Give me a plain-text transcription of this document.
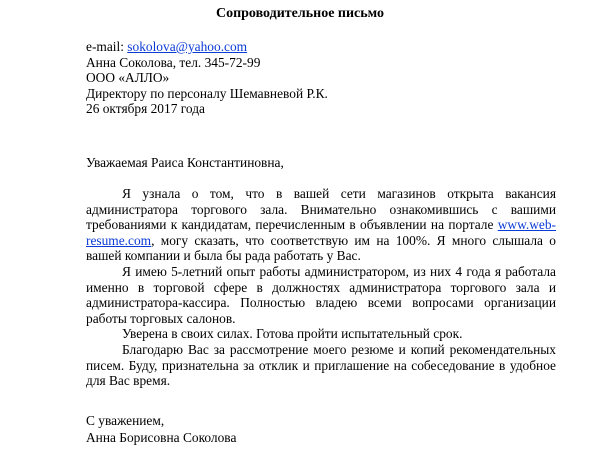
Сопроводительное письмо
e-mail: sokolova@yahoo.com
Анна Соколова, тел. 345-72-99
ООО «АЛЛО»
Директору по персоналу Шемавневой Р.К.
26 октября 2017 года
Уважаемая Раиса Константиновна,

Я узнала о том, что в вашей сети магазинов открыта вакансия администратора торгового зала. Внимательно ознакомившись с вашими требованиями к кандидатам, перечисленным в объявлении на портале www.web-resume.com, могу сказать, что соответствую им на 100%. Я много слышала о вашей компании и была бы рада работать у Вас.

Я имею 5-летний опыт работы администратором, из них 4 года я работала именно в торговой сфере в должностях администратора торгового зала и администратора-кассира. Полностью владею всеми вопросами организации работы торговых салонов.

Уверена в своих силах. Готова пройти испытательный срок.

Благодарю Вас за рассмотрение моего резюме и копий рекомендательных писем. Буду, признательна за отклик и приглашение на собеседование в удобное для Вас время.

С уважением,
Анна Борисовна Соколова
